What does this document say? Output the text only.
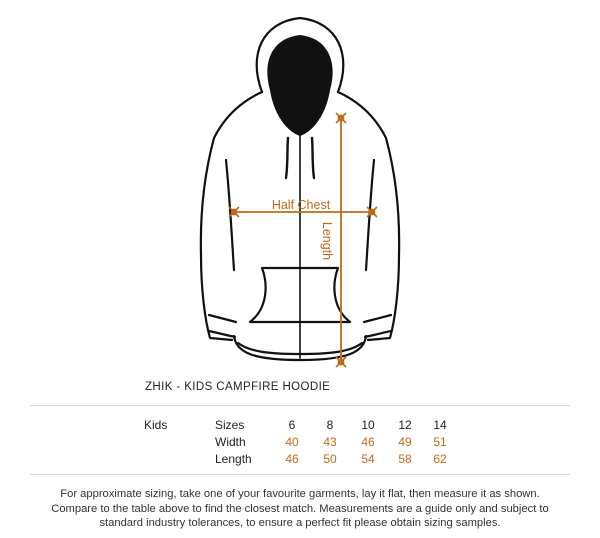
Half Chest
Length
ZHIK - KIDS CAMPFIRE HOODIE
Kids	Sizes	6	8	10	12	14
Width	40	43	46	49	51
Length	46	50	54	58	62
For approximate sizing, take one of your favourite garments, lay it flat, then measure it as shown.
Compare to the table above to find the closest match. Measurements are a guide only and subject to
standard industry tolerances, to ensure a perfect fit please obtain sizing samples.
